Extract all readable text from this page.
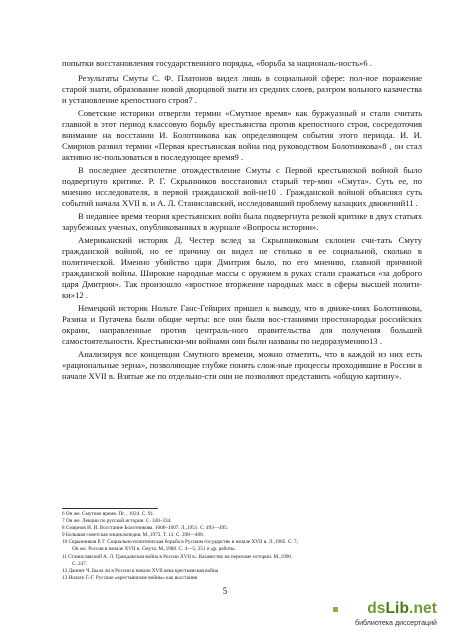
попытки восстановления государственного порядка, «борьба за националь-ность»6 .

Результаты Смуты С. Ф. Платонов видел лишь в социальной сфере: пол-ное поражение старой знати, образование новой дворцовой знати из средних слоев, разгром вольного казачества и установление крепостного строя7 .

Советские историки отвергли термин «Смутное время» как буржуазный и стали считать главной в этот период классовую борьбу крестьянства против крепостного строя, сосредоточив внимание на восстании И. Болотникова как определяющем события этого периода. И. И. Смирнов развил термин «Первая крестьянская война под руководством Болотникова»8 , он стал активно ис-пользоваться в последующее время9 .

В последнее десятилетие отождествление Смуты с Первой крестьянской войной было подвергнуто критике. Р. Г. Скрынников восстановил старый тер-мин «Смута». Суть ее, по мнению исследователя, в первой гражданской вой-не10 . Гражданской войной объяснял суть событий начала XVII в. и А. Л. Станиславский, исследовавший проблему казацких движений11 .

В недавнее время теория крестьянских войн была подвергнута резкой критике в двух статьях зарубежных ученых, опубликованных в журнале «Вопросы истории».

Американский историк Д. Честер вслед за Скрынниковым склонен счи-тать Смуту гражданской войной, но ее причину он видел не столько в ее социальной, сколько в политической. Именно убийство царя Дмитрия было, по его мнению, главной причиной гражданской войны. Широкие народные массы с оружием в руках стали сражаться «за доброго царя Дмитрия». Так произошло «яростное вторжение народных масс в сферы высшей полити-ки»12 .

Немецкий историк Нольте Ганс-Гейнрих пришел к выводу, что в движе-ниях Болотникова, Разина и Пугачева были общие черты: все они были вос-станиями простонародья российских окраин, направленные против централь-ного правительства для получения большей самостоятельности. Крестьянски-ми войнами они были названы по недоразумению13 .

Анализируя все концепции Смутного времени, можно отметить, что в каждой из них есть «рациональные зерна», позволяющие глубже понять слож-ные процессы проходившие в России в начале XVII в. Взятые же по отдельно-сти они не позволяют представить «общую картину».

6 Он же. Смутное время. Пг. , 1924. С. 91.
7 Он же. Лекции по русской истории. С. 330–334.
8 Смирнов И. И. Восстание Болотникова. 1606–1607. Л.,1951. С. 493—495.
9 Большая советская энциклопедия. М.,1973. Т. 13. С. 398—400.
10 Скрынников Р. Г. Социально-политическая борьба в Русском государстве в начале XVII в. Л.,1985. С. 7;
Он же. Россия в начале XVII в. Смута. М.,1988. С. 4—5; 251 и др. работы.
11 Станиславский А. Л. Гражданская война в России XVII в.: Казачество на переломе истории. М.,1990.
С. 247.
12 Данинг Ч. Была ли в России в начале XVII века крестьянская война
13 Нольте Г.-Г. Русские «крестьянские войны» как восстания
5
dsLib.net
библиотека диссертаций
